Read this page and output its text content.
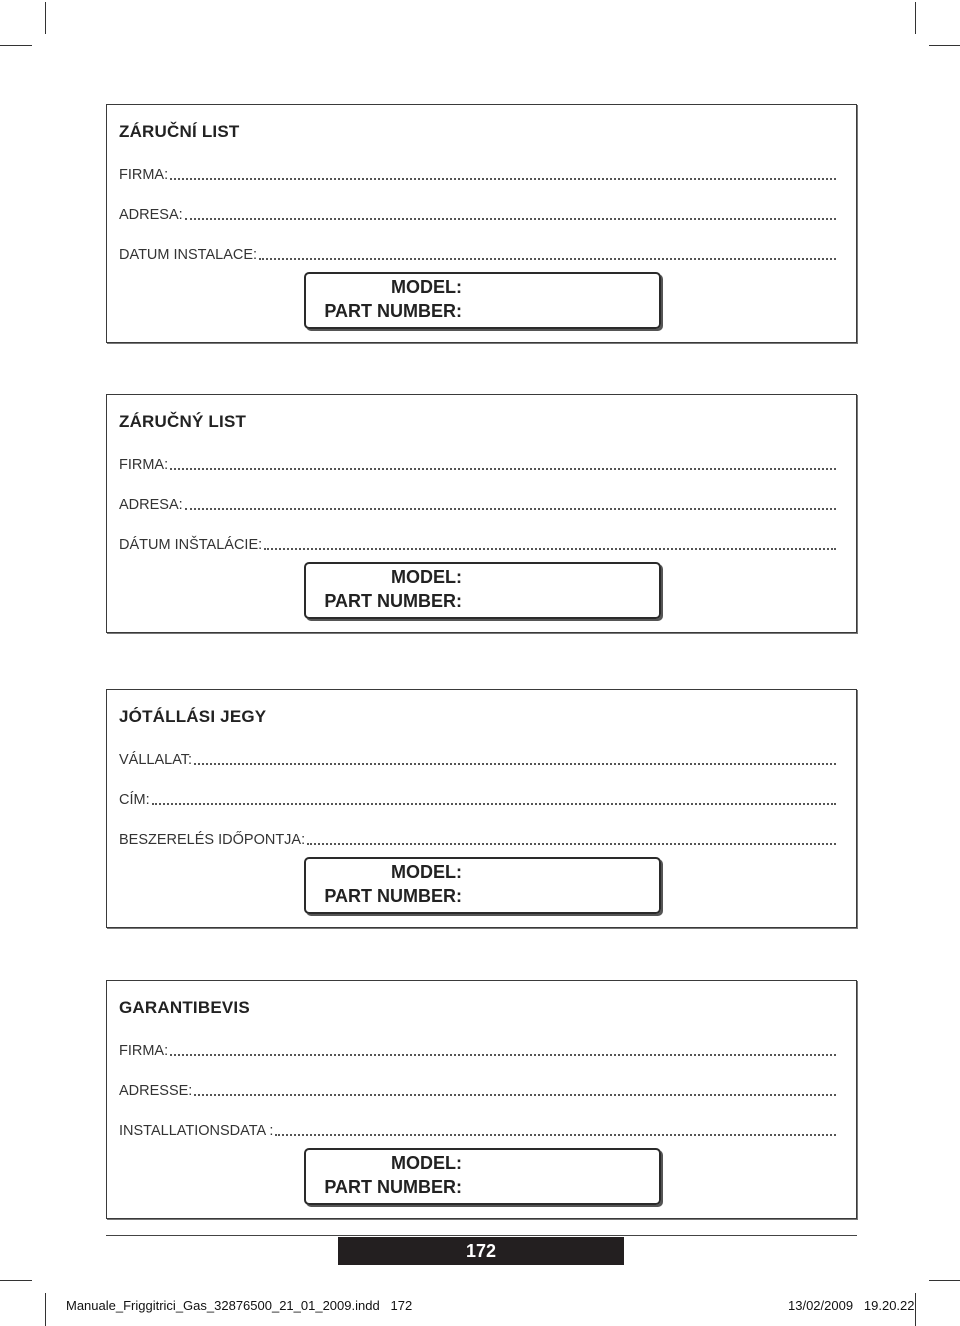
ZÁRUČNÍ LIST
FIRMA:
ADRESA:
DATUM INSTALACE:
MODEL:
PART NUMBER:
ZÁRUČNÝ LIST
FIRMA:
ADRESA:
DÁTUM INŠTALÁCIE:
MODEL:
PART NUMBER:
JÓTÁLLÁSI JEGY
VÁLLALAT:
CÍM:
BESZERELÉS IDŐPONTJA:
MODEL:
PART NUMBER:
GARANTIBEVIS
FIRMA:
ADRESSE:
INSTALLATIONSDATA :
MODEL:
PART NUMBER:
172
Manuale_Friggitrici_Gas_32876500_21_01_2009.indd   172	13/02/2009   19.20.22
